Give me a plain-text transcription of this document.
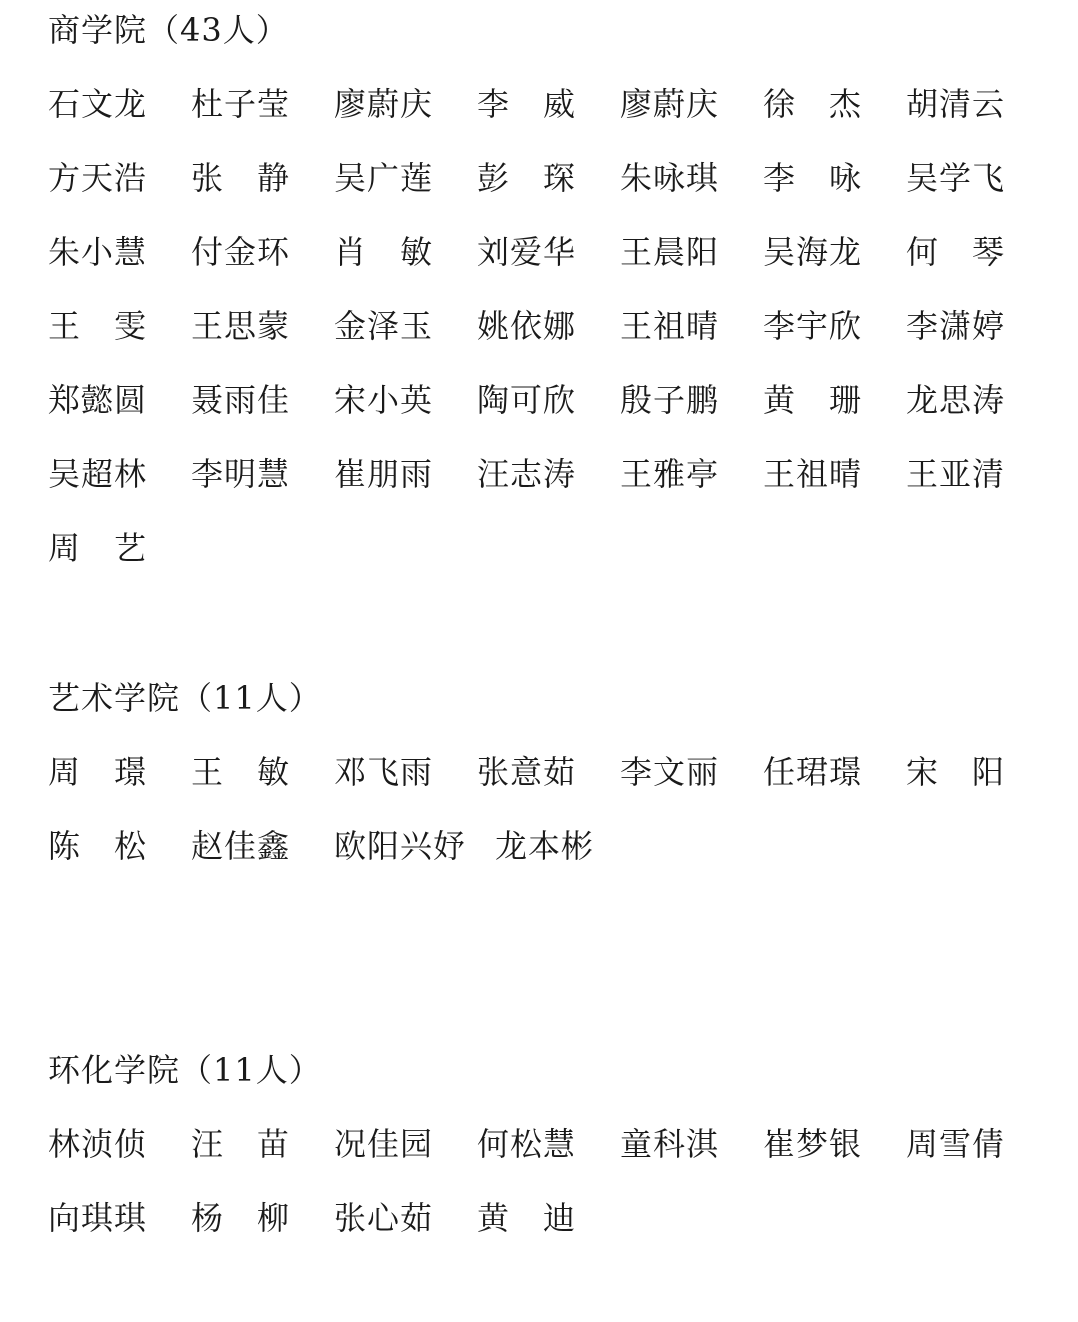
商学院（43人）
石文龙 杜子莹 廖蔚庆 李　威 廖蔚庆 徐　杰 胡清云
方天浩 张　静 吴广莲 彭　琛 朱咏琪 李　咏 吴学飞
朱小慧 付金环 肖　敏 刘爱华 王晨阳 吴海龙 何　琴
王　雯 王思蒙 金泽玉 姚依娜 王祖晴 李宇欣 李潇婷
郑懿圆 聂雨佳 宋小英 陶可欣 殷子鹏 黄　珊 龙思涛
吴超林 李明慧 崔朋雨 汪志涛 王雅亭 王祖晴 王亚清
周　艺
艺术学院（11人）
周　璟 王　敏 邓飞雨 张意茹 李文丽 任珺璟 宋　阳
陈　松 赵佳鑫 欧阳兴妤 龙本彬
环化学院（11人）
林浈侦 汪　苗 况佳园 何松慧 童科淇 崔梦银 周雪倩
向琪琪 杨　柳 张心茹 黄　迪
